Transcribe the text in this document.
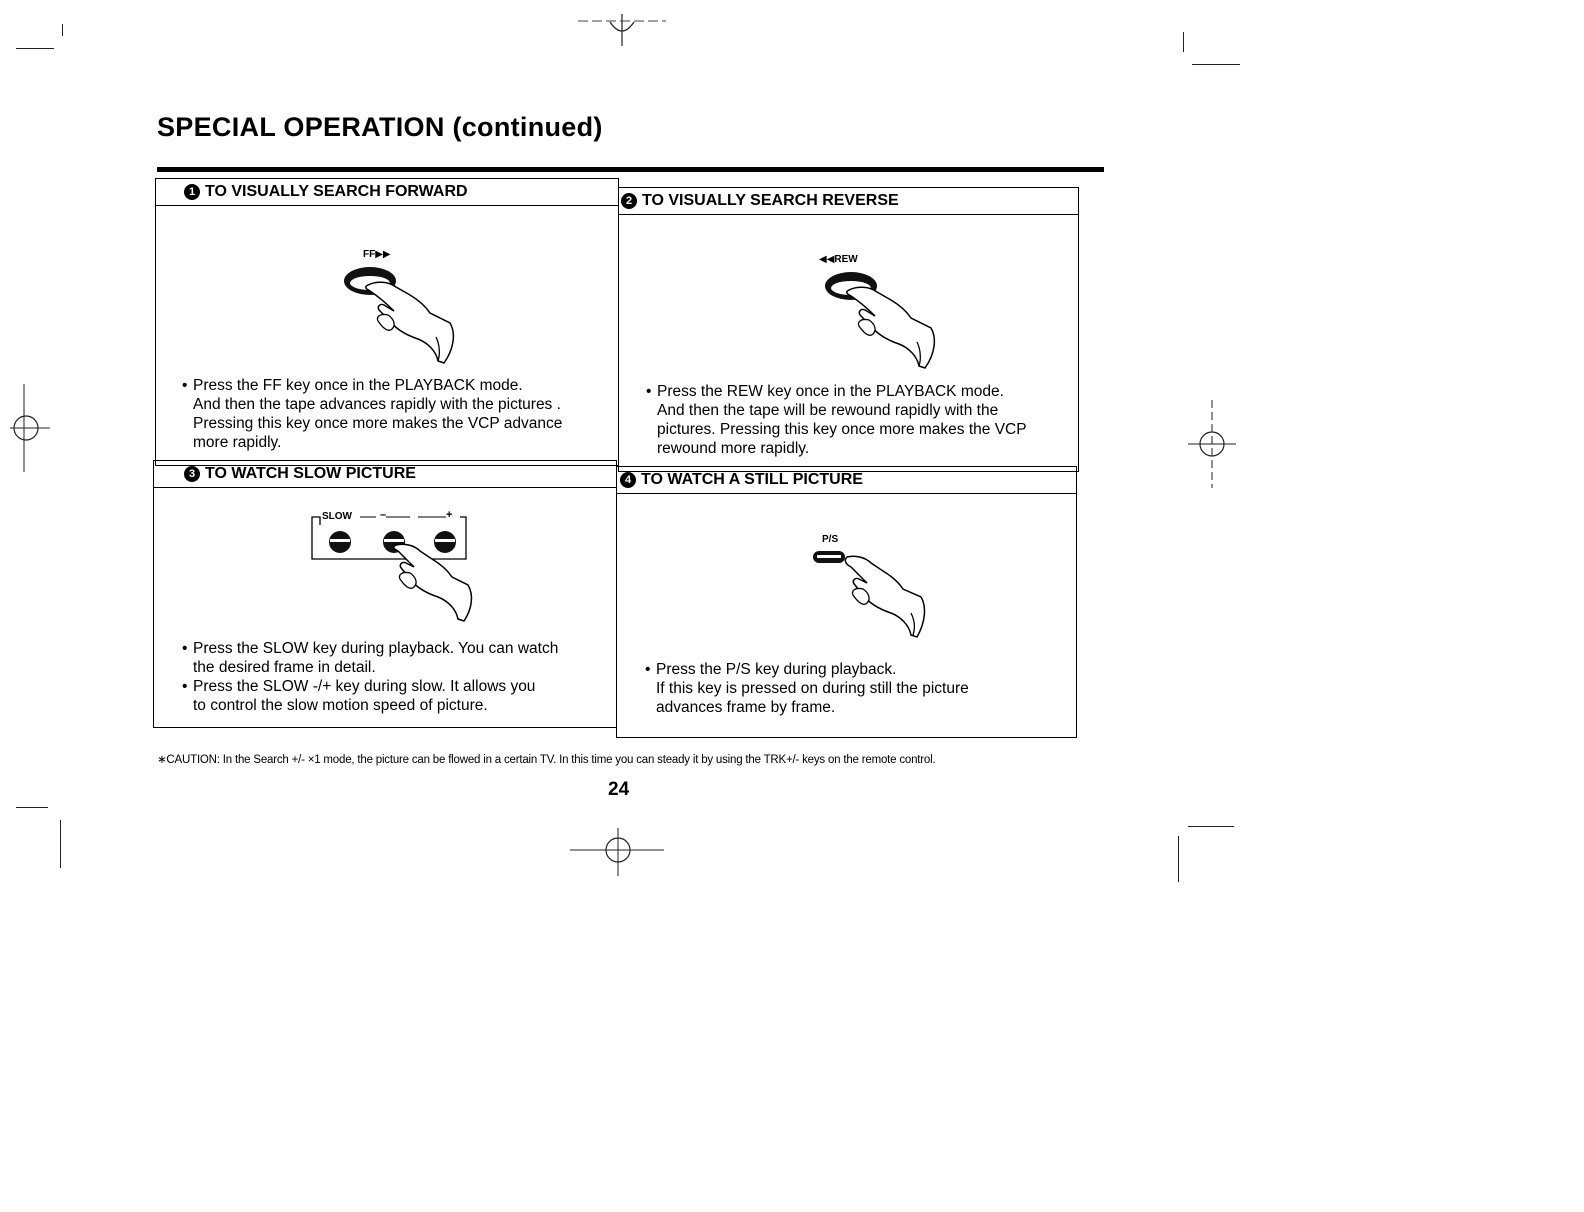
SPECIAL OPERATION (continued)
1 TO VISUALLY SEARCH FORWARD
FF▶▶
• Press the FF key once in the PLAYBACK mode.
And then the tape advances rapidly with the pictures .
Pressing this key once more makes the VCP advance
more rapidly.
2 TO VISUALLY SEARCH REVERSE
◀◀REW
• Press the REW key once in the PLAYBACK mode.
And then the tape will be rewound rapidly with the
pictures. Pressing this key once more makes the VCP
rewound more rapidly.
3 TO WATCH SLOW PICTURE
SLOW	–	+
• Press the SLOW key during playback. You can watch
the desired frame in detail.
• Press the SLOW -/+ key during slow. It allows you
to control the slow motion speed of picture.
4 TO WATCH A STILL PICTURE
P/S
• Press the P/S key during playback.
If this key is pressed on during still the picture
advances frame by frame.
∗CAUTION: In the Search +/- ×1 mode, the picture can be flowed in a certain TV. In this time you can steady it by using the TRK+/- keys on the remote control.
24
